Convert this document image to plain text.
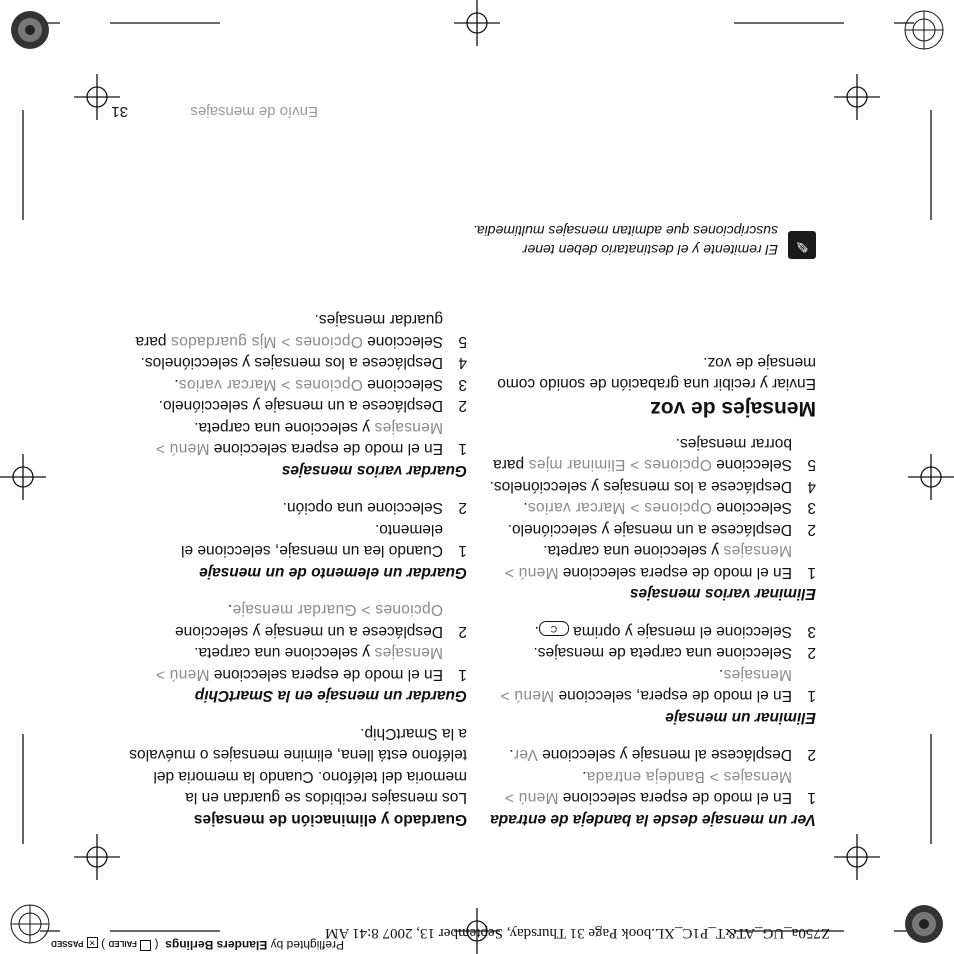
Envío de mensajes
31

Ver un mensaje desde la bandeja de entrada

1
En el modo de espera seleccione Menú > Mensajes > Bandeja entrada.
2
Desplácese al mensaje y seleccione Ver.

Eliminar un mensaje

1
En el modo de espera, seleccione Menú > Mensajes.
2
Seleccione una carpeta de mensajes.
3
Seleccione el mensaje y oprima C.

Eliminar varios mensajes

1
En el modo de espera seleccione Menú > Mensajes y seleccione una carpeta.
2
Desplácese a un mensaje y selecciónelo.
3
Seleccione Opciones > Marcar varios.
4
Desplácese a los mensajes y selecciónelos.
5
Seleccione Opciones > Eliminar mjes para borrar mensajes.

Mensajes de voz

Enviar y recibir una grabación de sonido como mensaje de voz.

✎
El remitente y el destinatario deben tener suscripciones que admitan mensajes multimedia.

Guardado y eliminación de mensajes

Los mensajes recibidos se guardan en la memoria del teléfono. Cuando la memoria del teléfono está llena, elimine mensajes o muévalos a la SmartChip.

Guardar un mensaje en la SmartChip

1
En el modo de espera seleccione Menú > Mensajes y seleccione una carpeta.
2
Desplácese a un mensaje y seleccione Opciones > Guardar mensaje.

Guardar un elemento de un mensaje

1
Cuando lea un mensaje, seleccione el elemento.
2
Seleccione una opción.

Guardar varios mensajes

1
En el modo de espera seleccione Menú > Mensajes y seleccione una carpeta.
2
Desplácese a un mensaje y selecciónelo.
3
Seleccione Opciones > Marcar varios.
4
Desplácese a los mensajes y selecciónelos.
5
Seleccione Opciones > Mjs guardados para guardar mensajes.
Z750a_UG_AT&T_P1C_XL.book Page 31 Thursday, September 13, 2007 8:41 AM
Preflighted by Elanders Berlings  (  FAILED ) ✕ PASSED
